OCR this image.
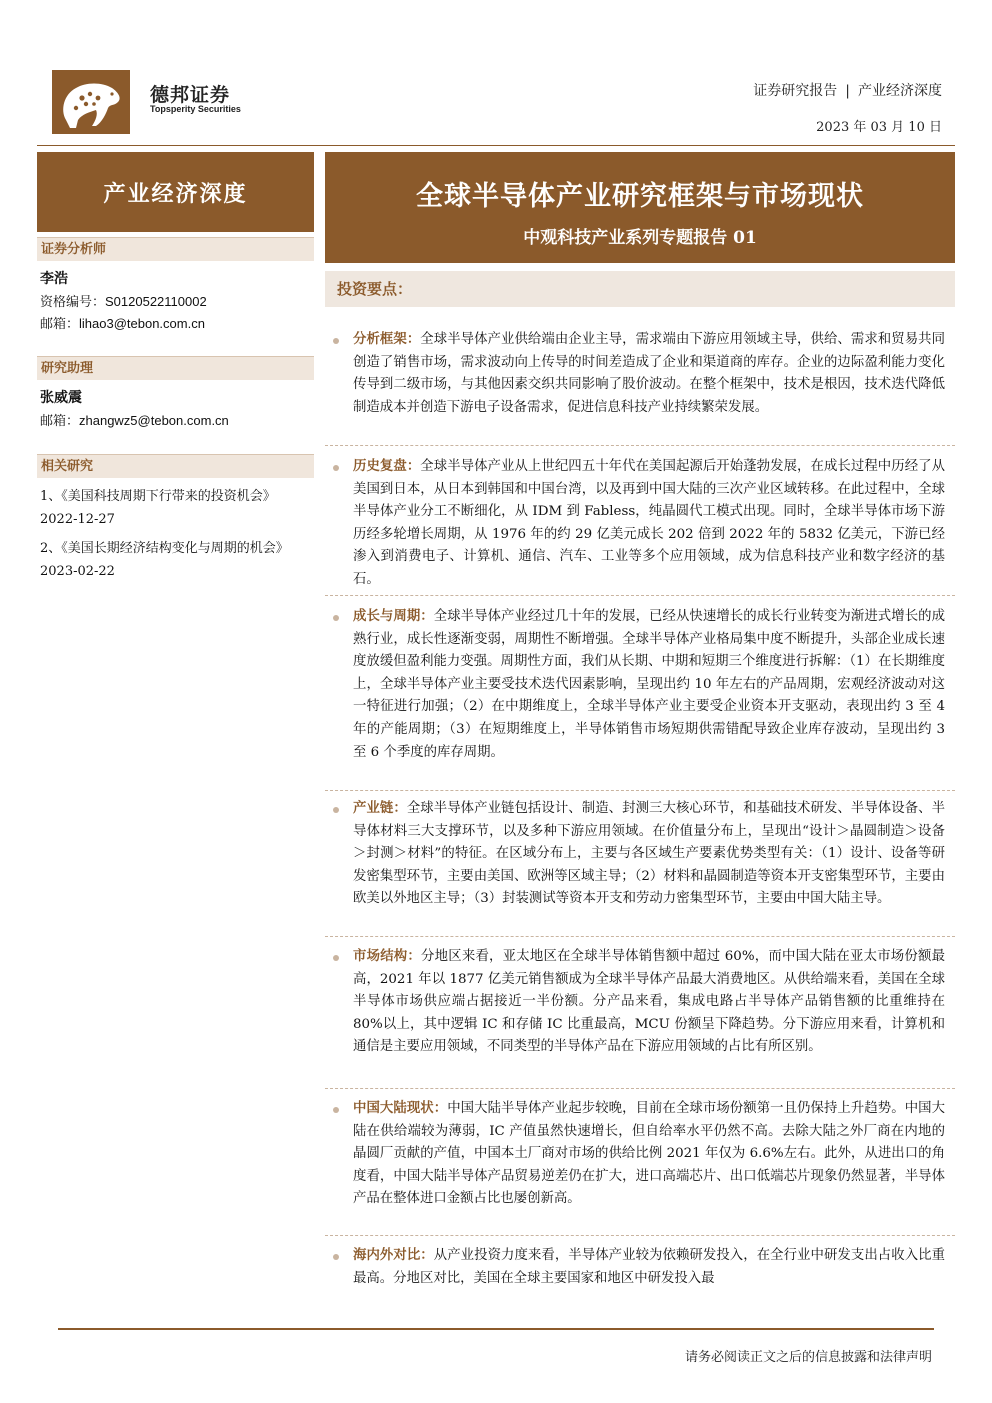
德邦证券
Topsperity Securities
证券研究报告 | 产业经济深度
2023 年 03 月 10 日
产业经济深度	全球半导体产业研究框架与市场现状
中观科技产业系列专题报告 01
证券分析师
李浩
资格编号：S0120522110002
邮箱：lihao3@tebon.com.cn
研究助理
张威震
邮箱：zhangwz5@tebon.com.cn
相关研究
1、《美国科技周期下行带来的投资机会》2022-12-27
2、《美国长期经济结构变化与周期的机会》2023-02-22
投资要点：
分析框架：全球半导体产业供给端由企业主导，需求端由下游应用领域主导，供给、需求和贸易共同创造了销售市场，需求波动向上传导的时间差造成了企业和渠道商的库存。企业的边际盈利能力变化传导到二级市场，与其他因素交织共同影响了股价波动。在整个框架中，技术是根因，技术迭代降低制造成本并创造下游电子设备需求，促进信息科技产业持续繁荣发展。
历史复盘：全球半导体产业从上世纪四五十年代在美国起源后开始蓬勃发展，在成长过程中历经了从美国到日本，从日本到韩国和中国台湾，以及再到中国大陆的三次产业区域转移。在此过程中，全球半导体产业分工不断细化，从 IDM 到 Fabless，纯晶圆代工模式出现。同时，全球半导体市场下游历经多轮增长周期，从 1976 年的约 29 亿美元成长 202 倍到 2022 年的 5832 亿美元，下游已经渗入到消费电子、计算机、通信、汽车、工业等多个应用领域，成为信息科技产业和数字经济的基石。
成长与周期：全球半导体产业经过几十年的发展，已经从快速增长的成长行业转变为渐进式增长的成熟行业，成长性逐渐变弱，周期性不断增强。全球半导体产业格局集中度不断提升，头部企业成长速度放缓但盈利能力变强。周期性方面，我们从长期、中期和短期三个维度进行拆解：（1）在长期维度上，全球半导体产业主要受技术迭代因素影响，呈现出约 10 年左右的产品周期，宏观经济波动对这一特征进行加强；（2）在中期维度上，全球半导体产业主要受企业资本开支驱动，表现出约 3 至 4 年的产能周期；（3）在短期维度上，半导体销售市场短期供需错配导致企业库存波动，呈现出约 3 至 6 个季度的库存周期。
产业链：全球半导体产业链包括设计、制造、封测三大核心环节，和基础技术研发、半导体设备、半导体材料三大支撑环节，以及多种下游应用领域。在价值量分布上，呈现出“设计＞晶圆制造＞设备＞封测＞材料”的特征。在区域分布上，主要与各区域生产要素优势类型有关：（1）设计、设备等研发密集型环节，主要由美国、欧洲等区域主导；（2）材料和晶圆制造等资本开支密集型环节，主要由欧美以外地区主导；（3）封装测试等资本开支和劳动力密集型环节，主要由中国大陆主导。
市场结构：分地区来看，亚太地区在全球半导体销售额中超过 60%，而中国大陆在亚太市场份额最高，2021 年以 1877 亿美元销售额成为全球半导体产品最大消费地区。从供给端来看，美国在全球半导体市场供应端占据接近一半份额。分产品来看，集成电路占半导体产品销售额的比重维持在 80%以上，其中逻辑 IC 和存储 IC 比重最高，MCU 份额呈下降趋势。分下游应用来看，计算机和通信是主要应用领域，不同类型的半导体产品在下游应用领域的占比有所区别。
中国大陆现状：中国大陆半导体产业起步较晚，目前在全球市场份额第一且仍保持上升趋势。中国大陆在供给端较为薄弱，IC 产值虽然快速增长，但自给率水平仍然不高。去除大陆之外厂商在内地的晶圆厂贡献的产值，中国本土厂商对市场的供给比例 2021 年仅为 6.6%左右。此外，从进出口的角度看，中国大陆半导体产品贸易逆差仍在扩大，进口高端芯片、出口低端芯片现象仍然显著，半导体产品在整体进口金额占比也屡创新高。
海内外对比：从产业投资力度来看，半导体产业较为依赖研发投入，在全行业中研发支出占收入比重最高。分地区对比，美国在全球主要国家和地区中研发投入最
请务必阅读正文之后的信息披露和法律声明
